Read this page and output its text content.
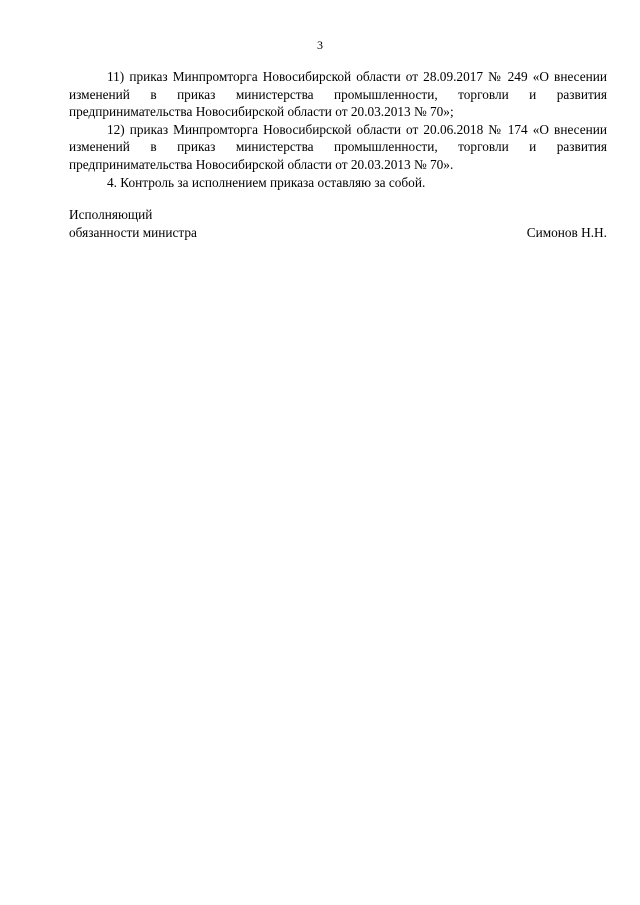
3

11) приказ Минпромторга Новосибирской области от 28.09.2017 № 249 «О внесении изменений в приказ министерства промышленности, торговли и развития предпринимательства Новосибирской области от 20.03.2013 № 70»;

12) приказ Минпромторга Новосибирской области от 20.06.2018 № 174 «О внесении изменений в приказ министерства промышленности, торговли и развития предпринимательства Новосибирской области от 20.03.2013 № 70».

4. Контроль за исполнением приказа оставляю за собой.

Исполняющий
обязанности министра	Симонов Н.Н.
